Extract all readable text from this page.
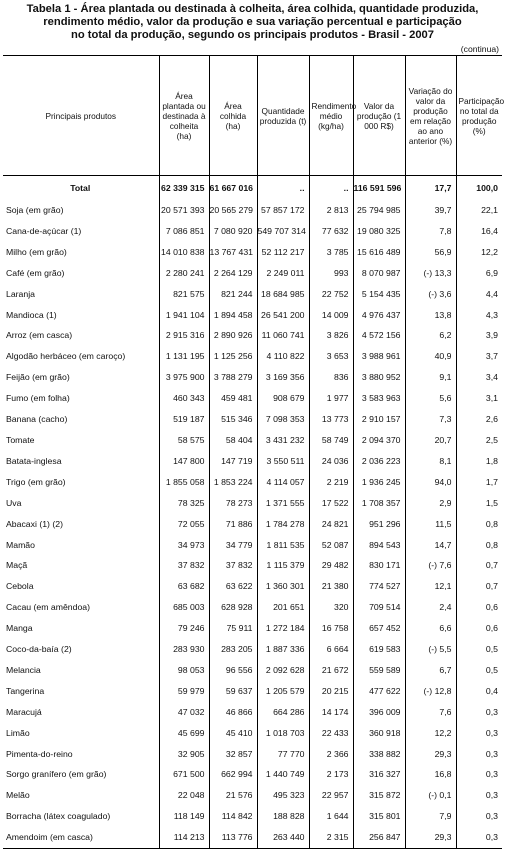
Tabela 1 - Área plantada ou destinada à colheita, área colhida, quantidade produzida,
rendimento médio, valor da produção e sua variação percentual e participação
no total da produção, segundo os principais produtos - Brasil - 2007
(continua)
Principais produtos	Área plantada ou destinada à colheita (ha)	Área colhida (ha)	Quantidade produzida (t)	Rendimento médio (kg/ha)	Valor da produção (1 000 R$)	Variação do valor da produção em relação ao ano anterior (%)	Participação no total da produção (%)
Total	62 339 315	61 667 016	..	..	116 591 596	17,7	100,0
Soja (em grão)	20 571 393	20 565 279	57 857 172	2 813	25 794 985	39,7	22,1
Cana-de-açúcar (1)	7 086 851	7 080 920	549 707 314	77 632	19 080 325	7,8	16,4
Milho (em grão)	14 010 838	13 767 431	52 112 217	3 785	15 616 489	56,9	12,2
Café (em grão)	2 280 241	2 264 129	2 249 011	993	8 070 987	(-) 13,3	6,9
Laranja	821 575	821 244	18 684 985	22 752	5 154 435	(-) 3,6	4,4
Mandioca (1)	1 941 104	1 894 458	26 541 200	14 009	4 976 437	13,8	4,3
Arroz (em casca)	2 915 316	2 890 926	11 060 741	3 826	4 572 156	6,2	3,9
Algodão herbáceo (em caroço)	1 131 195	1 125 256	4 110 822	3 653	3 988 961	40,9	3,7
Feijão (em grão)	3 975 900	3 788 279	3 169 356	836	3 880 952	9,1	3,4
Fumo (em folha)	460 343	459 481	908 679	1 977	3 583 963	5,6	3,1
Banana (cacho)	519 187	515 346	7 098 353	13 773	2 910 157	7,3	2,6
Tomate	58 575	58 404	3 431 232	58 749	2 094 370	20,7	2,5
Batata-inglesa	147 800	147 719	3 550 511	24 036	2 036 223	8,1	1,8
Trigo (em grão)	1 855 058	1 853 224	4 114 057	2 219	1 936 245	94,0	1,7
Uva	78 325	78 273	1 371 555	17 522	1 708 357	2,9	1,5
Abacaxi (1) (2)	72 055	71 886	1 784 278	24 821	951 296	11,5	0,8
Mamão	34 973	34 779	1 811 535	52 087	894 543	14,7	0,8
Maçã	37 832	37 832	1 115 379	29 482	830 171	(-) 7,6	0,7
Cebola	63 682	63 622	1 360 301	21 380	774 527	12,1	0,7
Cacau (em amêndoa)	685 003	628 928	201 651	320	709 514	2,4	0,6
Manga	79 246	75 911	1 272 184	16 758	657 452	6,6	0,6
Coco-da-baía (2)	283 930	283 205	1 887 336	6 664	619 583	(-) 5,5	0,5
Melancia	98 053	96 556	2 092 628	21 672	559 589	6,7	0,5
Tangerina	59 979	59 637	1 205 579	20 215	477 622	(-) 12,8	0,4
Maracujá	47 032	46 866	664 286	14 174	396 009	7,6	0,3
Limão	45 699	45 410	1 018 703	22 433	360 918	12,2	0,3
Pimenta-do-reino	32 905	32 857	77 770	2 366	338 882	29,3	0,3
Sorgo granífero (em grão)	671 500	662 994	1 440 749	2 173	316 327	16,8	0,3
Melão	22 048	21 576	495 323	22 957	315 872	(-) 0,1	0,3
Borracha (látex coagulado)	118 149	114 842	188 828	1 644	315 801	7,9	0,3
Amendoim (em casca)	114 213	113 776	263 440	2 315	256 847	29,3	0,3
